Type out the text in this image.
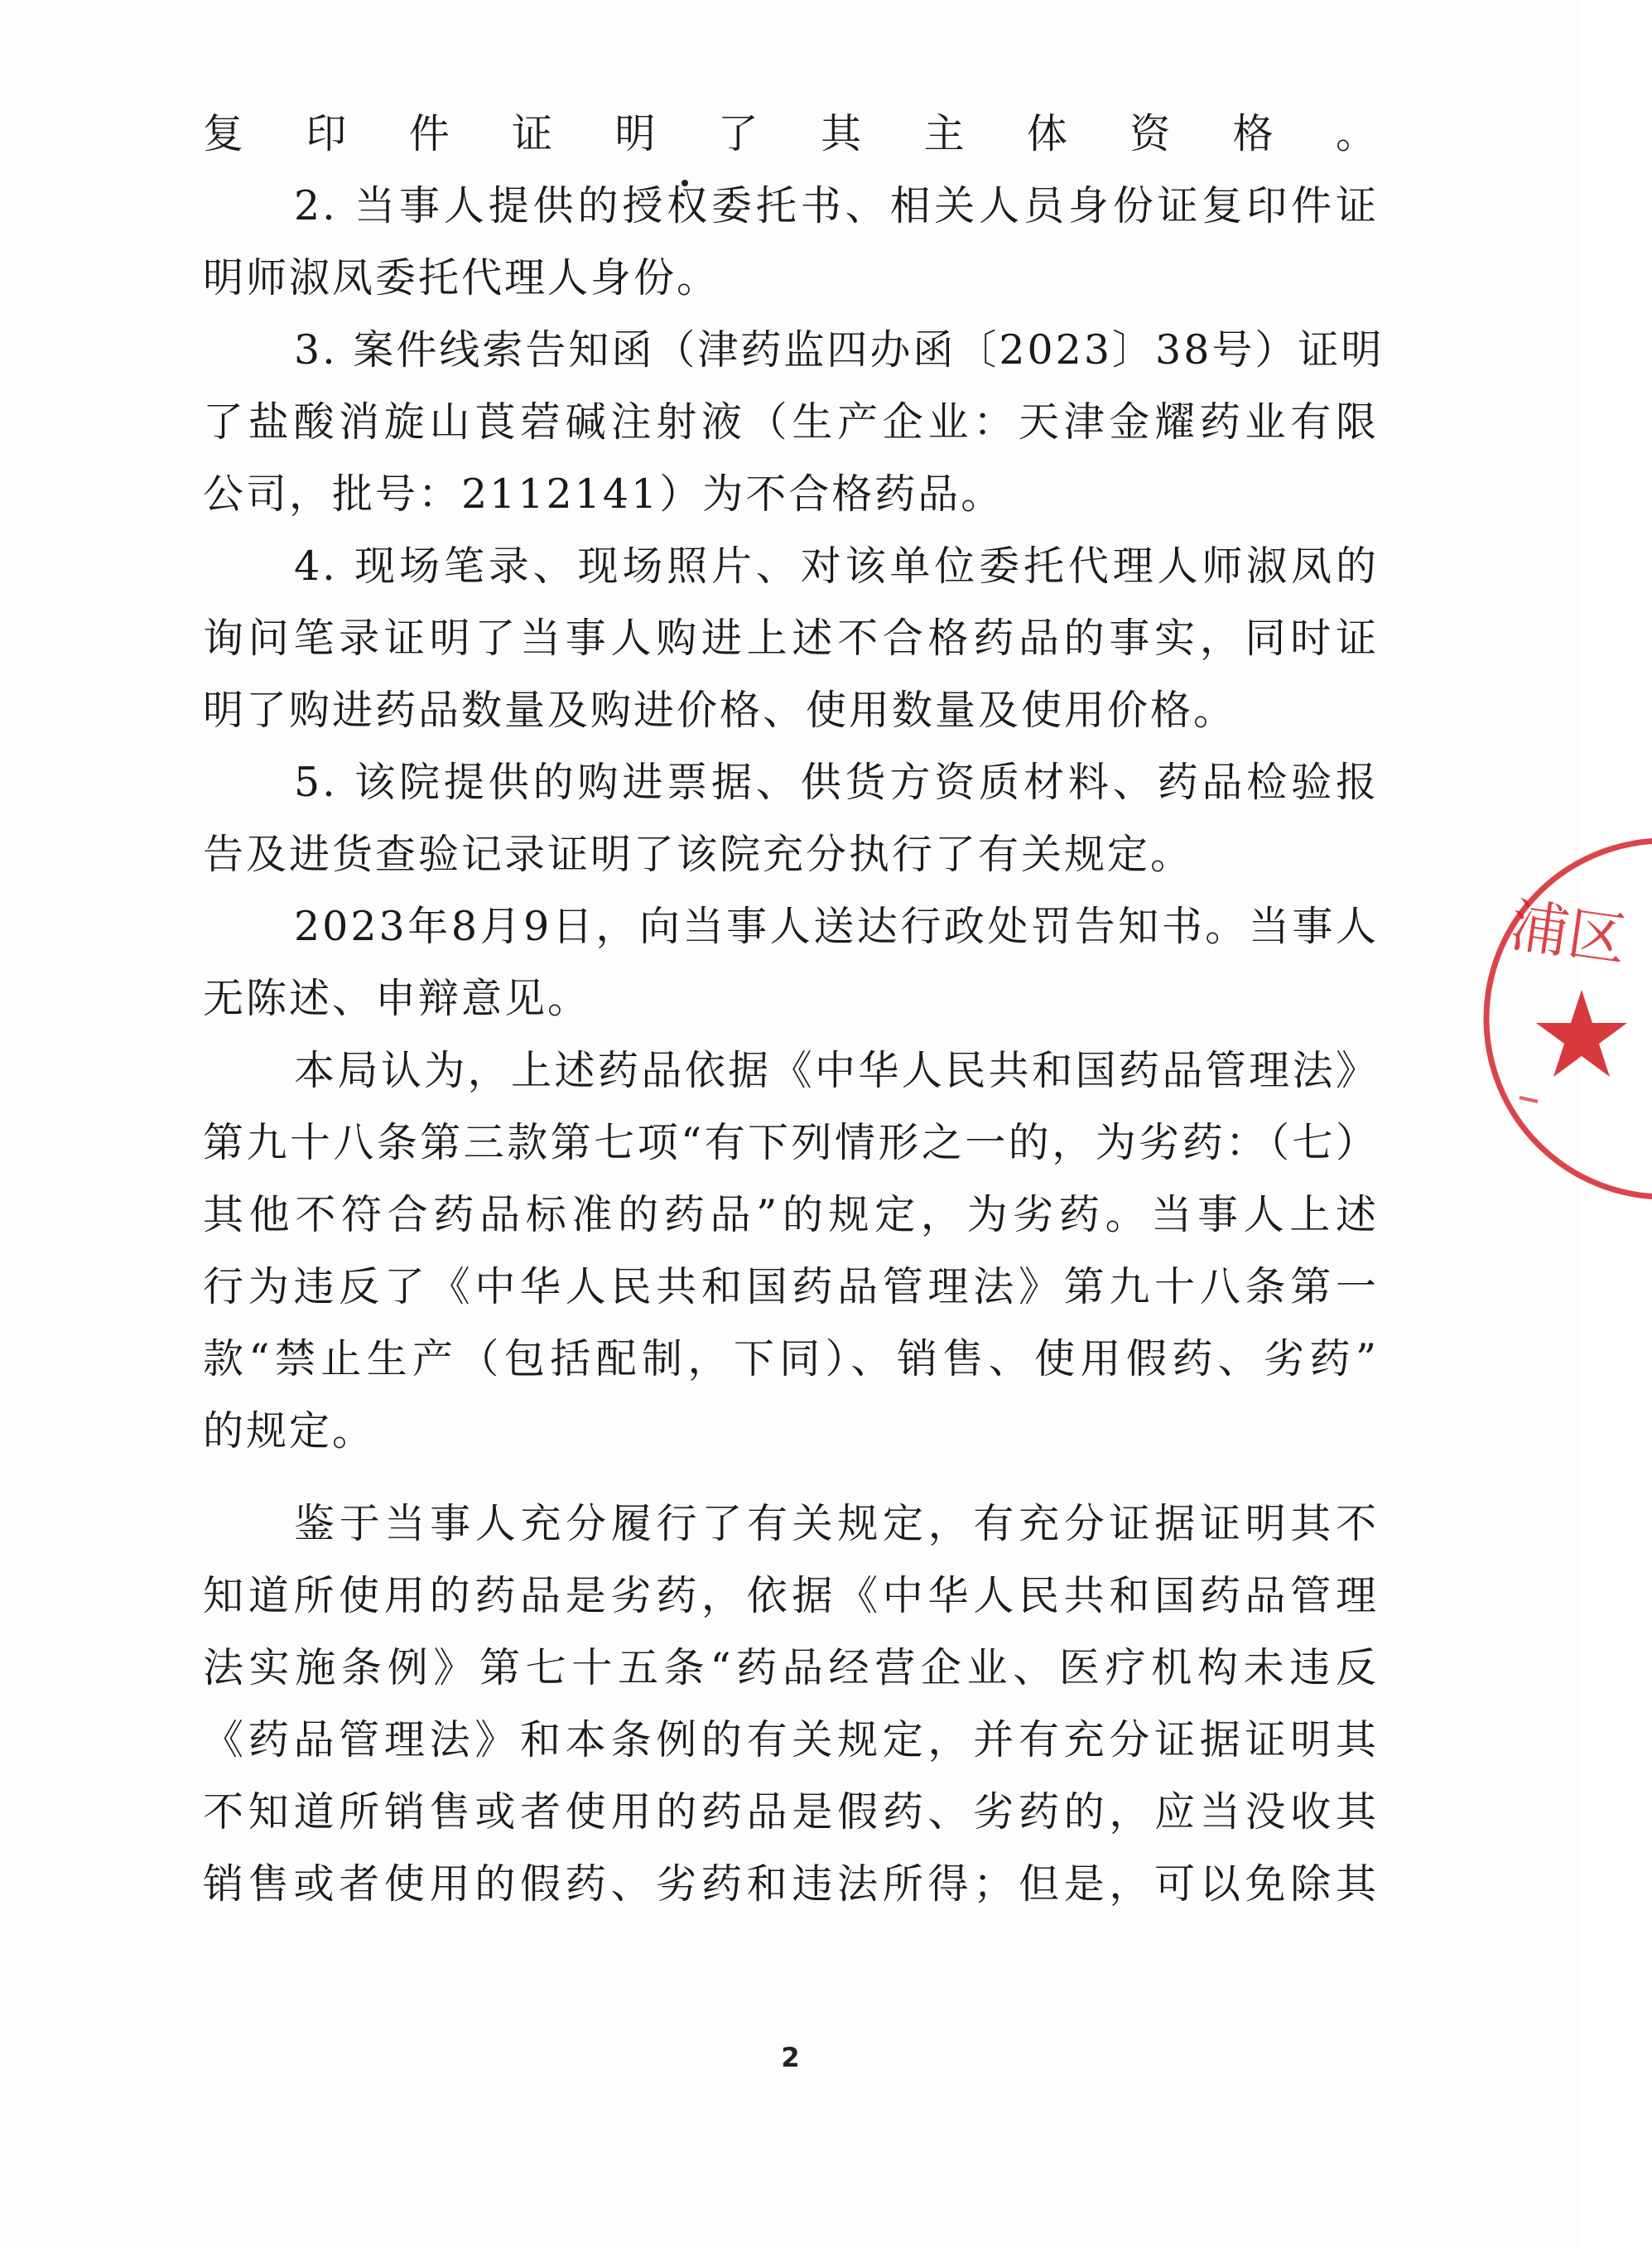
复印件证明了其主体资格。
2. 当事人提供的授权委托书、相关人员身份证复印件证
明师淑凤委托代理人身份。
3. 案件线索告知函（津药监四办函〔2023〕38号）证明
了盐酸消旋山莨菪碱注射液（生产企业：天津金耀药业有限
公司，批号：2112141）为不合格药品。
4. 现场笔录、现场照片、对该单位委托代理人师淑凤的
询问笔录证明了当事人购进上述不合格药品的事实，同时证
明了购进药品数量及购进价格、使用数量及使用价格。
5. 该院提供的购进票据、供货方资质材料、药品检验报
告及进货查验记录证明了该院充分执行了有关规定。
2023年8月9日，向当事人送达行政处罚告知书。当事人
无陈述、申辩意见。
本局认为，上述药品依据《中华人民共和国药品管理法》
第九十八条第三款第七项“有下列情形之一的，为劣药：（七）
其他不符合药品标准的药品”的规定，为劣药。当事人上述
行为违反了《中华人民共和国药品管理法》第九十八条第一
款“禁止生产（包括配制，下同）、销售、使用假药、劣药”
的规定。
鉴于当事人充分履行了有关规定，有充分证据证明其不
知道所使用的药品是劣药，依据《中华人民共和国药品管理
法实施条例》第七十五条“药品经营企业、医疗机构未违反
《药品管理法》和本条例的有关规定，并有充分证据证明其
不知道所销售或者使用的药品是假药、劣药的，应当没收其
销售或者使用的假药、劣药和违法所得；但是，可以免除其
浦区
2
